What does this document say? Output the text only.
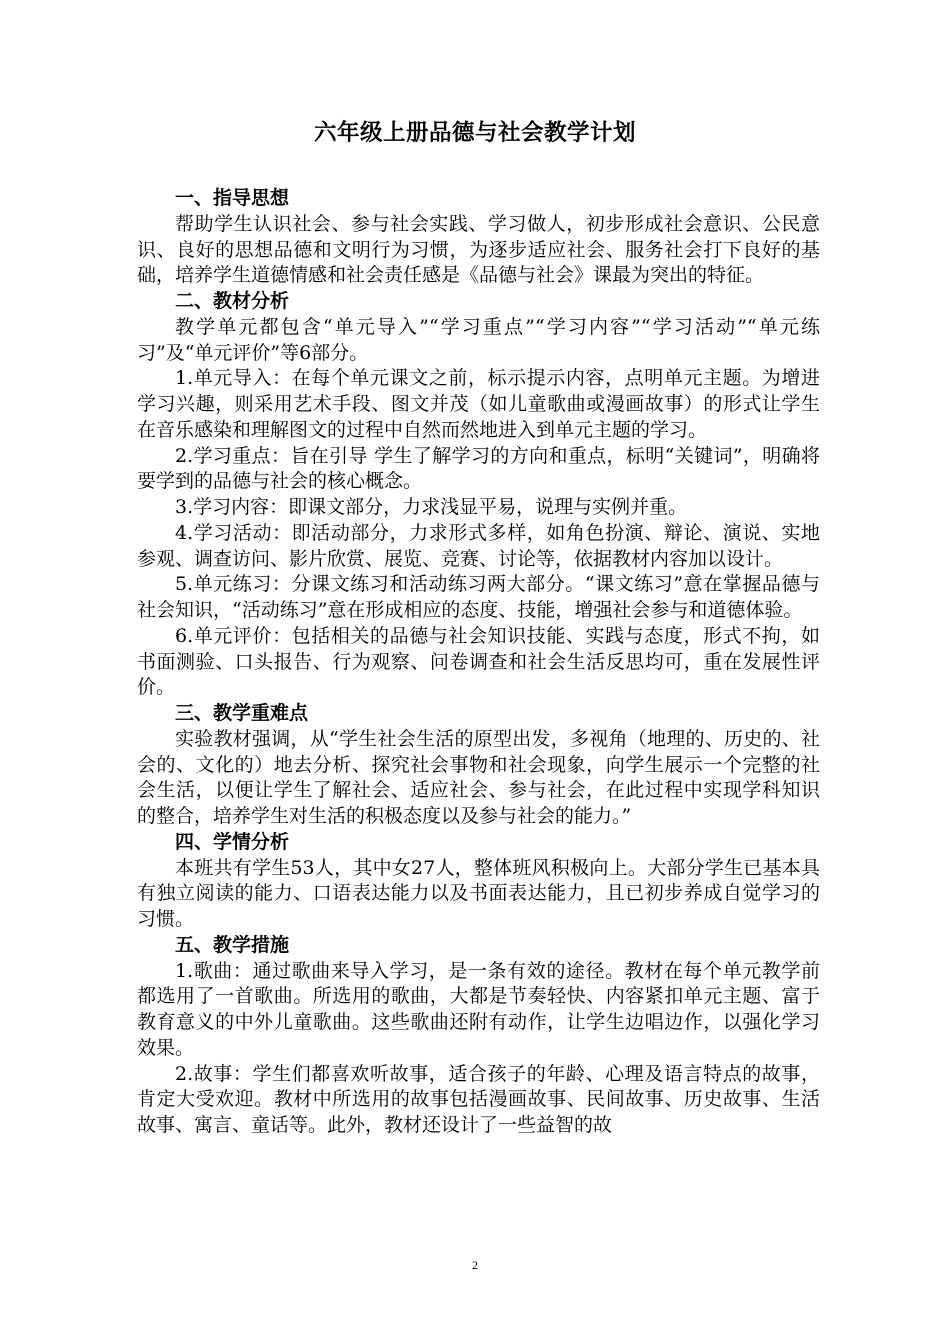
六年级上册品德与社会教学计划
一、指导思想

帮助学生认识社会、参与社会实践、学习做人，初步形成社会意识、公民意识、良好的思想品德和文明行为习惯，为逐步适应社会、服务社会打下良好的基础，培养学生道德情感和社会责任感是《品德与社会》课最为突出的特征。

二、教材分析

教学单元都包含“单元导入”“学习重点”“学习内容”“学习活动”“单元练习”及“单元评价”等6部分。

1.单元导入：在每个单元课文之前，标示提示内容，点明单元主题。为增进学习兴趣，则采用艺术手段、图文并茂（如儿童歌曲或漫画故事）的形式让学生在音乐感染和理解图文的过程中自然而然地进入到单元主题的学习。

2.学习重点：旨在引导 学生了解学习的方向和重点，标明“关键词”，明确将要学到的品德与社会的核心概念。

3.学习内容：即课文部分，力求浅显平易，说理与实例并重。

4.学习活动：即活动部分，力求形式多样，如角色扮演、辩论、演说、实地参观、调查访问、影片欣赏、展览、竞赛、讨论等，依据教材内容加以设计。

5.单元练习：分课文练习和活动练习两大部分。“课文练习”意在掌握品德与社会知识，“活动练习”意在形成相应的态度、技能，增强社会参与和道德体验。

6.单元评价：包括相关的品德与社会知识技能、实践与态度，形式不拘，如书面测验、口头报告、行为观察、问卷调查和社会生活反思均可，重在发展性评价。

三、教学重难点

实验教材强调，从“学生社会生活的原型出发，多视角（地理的、历史的、社会的、文化的）地去分析、探究社会事物和社会现象，向学生展示一个完整的社会生活，以便让学生了解社会、适应社会、参与社会，在此过程中实现学科知识的整合，培养学生对生活的积极态度以及参与社会的能力。”

四、学情分析

本班共有学生53人，其中女27人，整体班风积极向上。大部分学生已基本具有独立阅读的能力、口语表达能力以及书面表达能力，且已初步养成自觉学习的习惯。

五、教学措施

1.歌曲：通过歌曲来导入学习，是一条有效的途径。教材在每个单元教学前都选用了一首歌曲。所选用的歌曲，大都是节奏轻快、内容紧扣单元主题、富于教育意义的中外儿童歌曲。这些歌曲还附有动作，让学生边唱边作，以强化学习效果。

2.故事：学生们都喜欢听故事，适合孩子的年龄、心理及语言特点的故事，肯定大受欢迎。教材中所选用的故事包括漫画故事、民间故事、历史故事、生活故事、寓言、童话等。此外，教材还设计了一些益智的故

2
